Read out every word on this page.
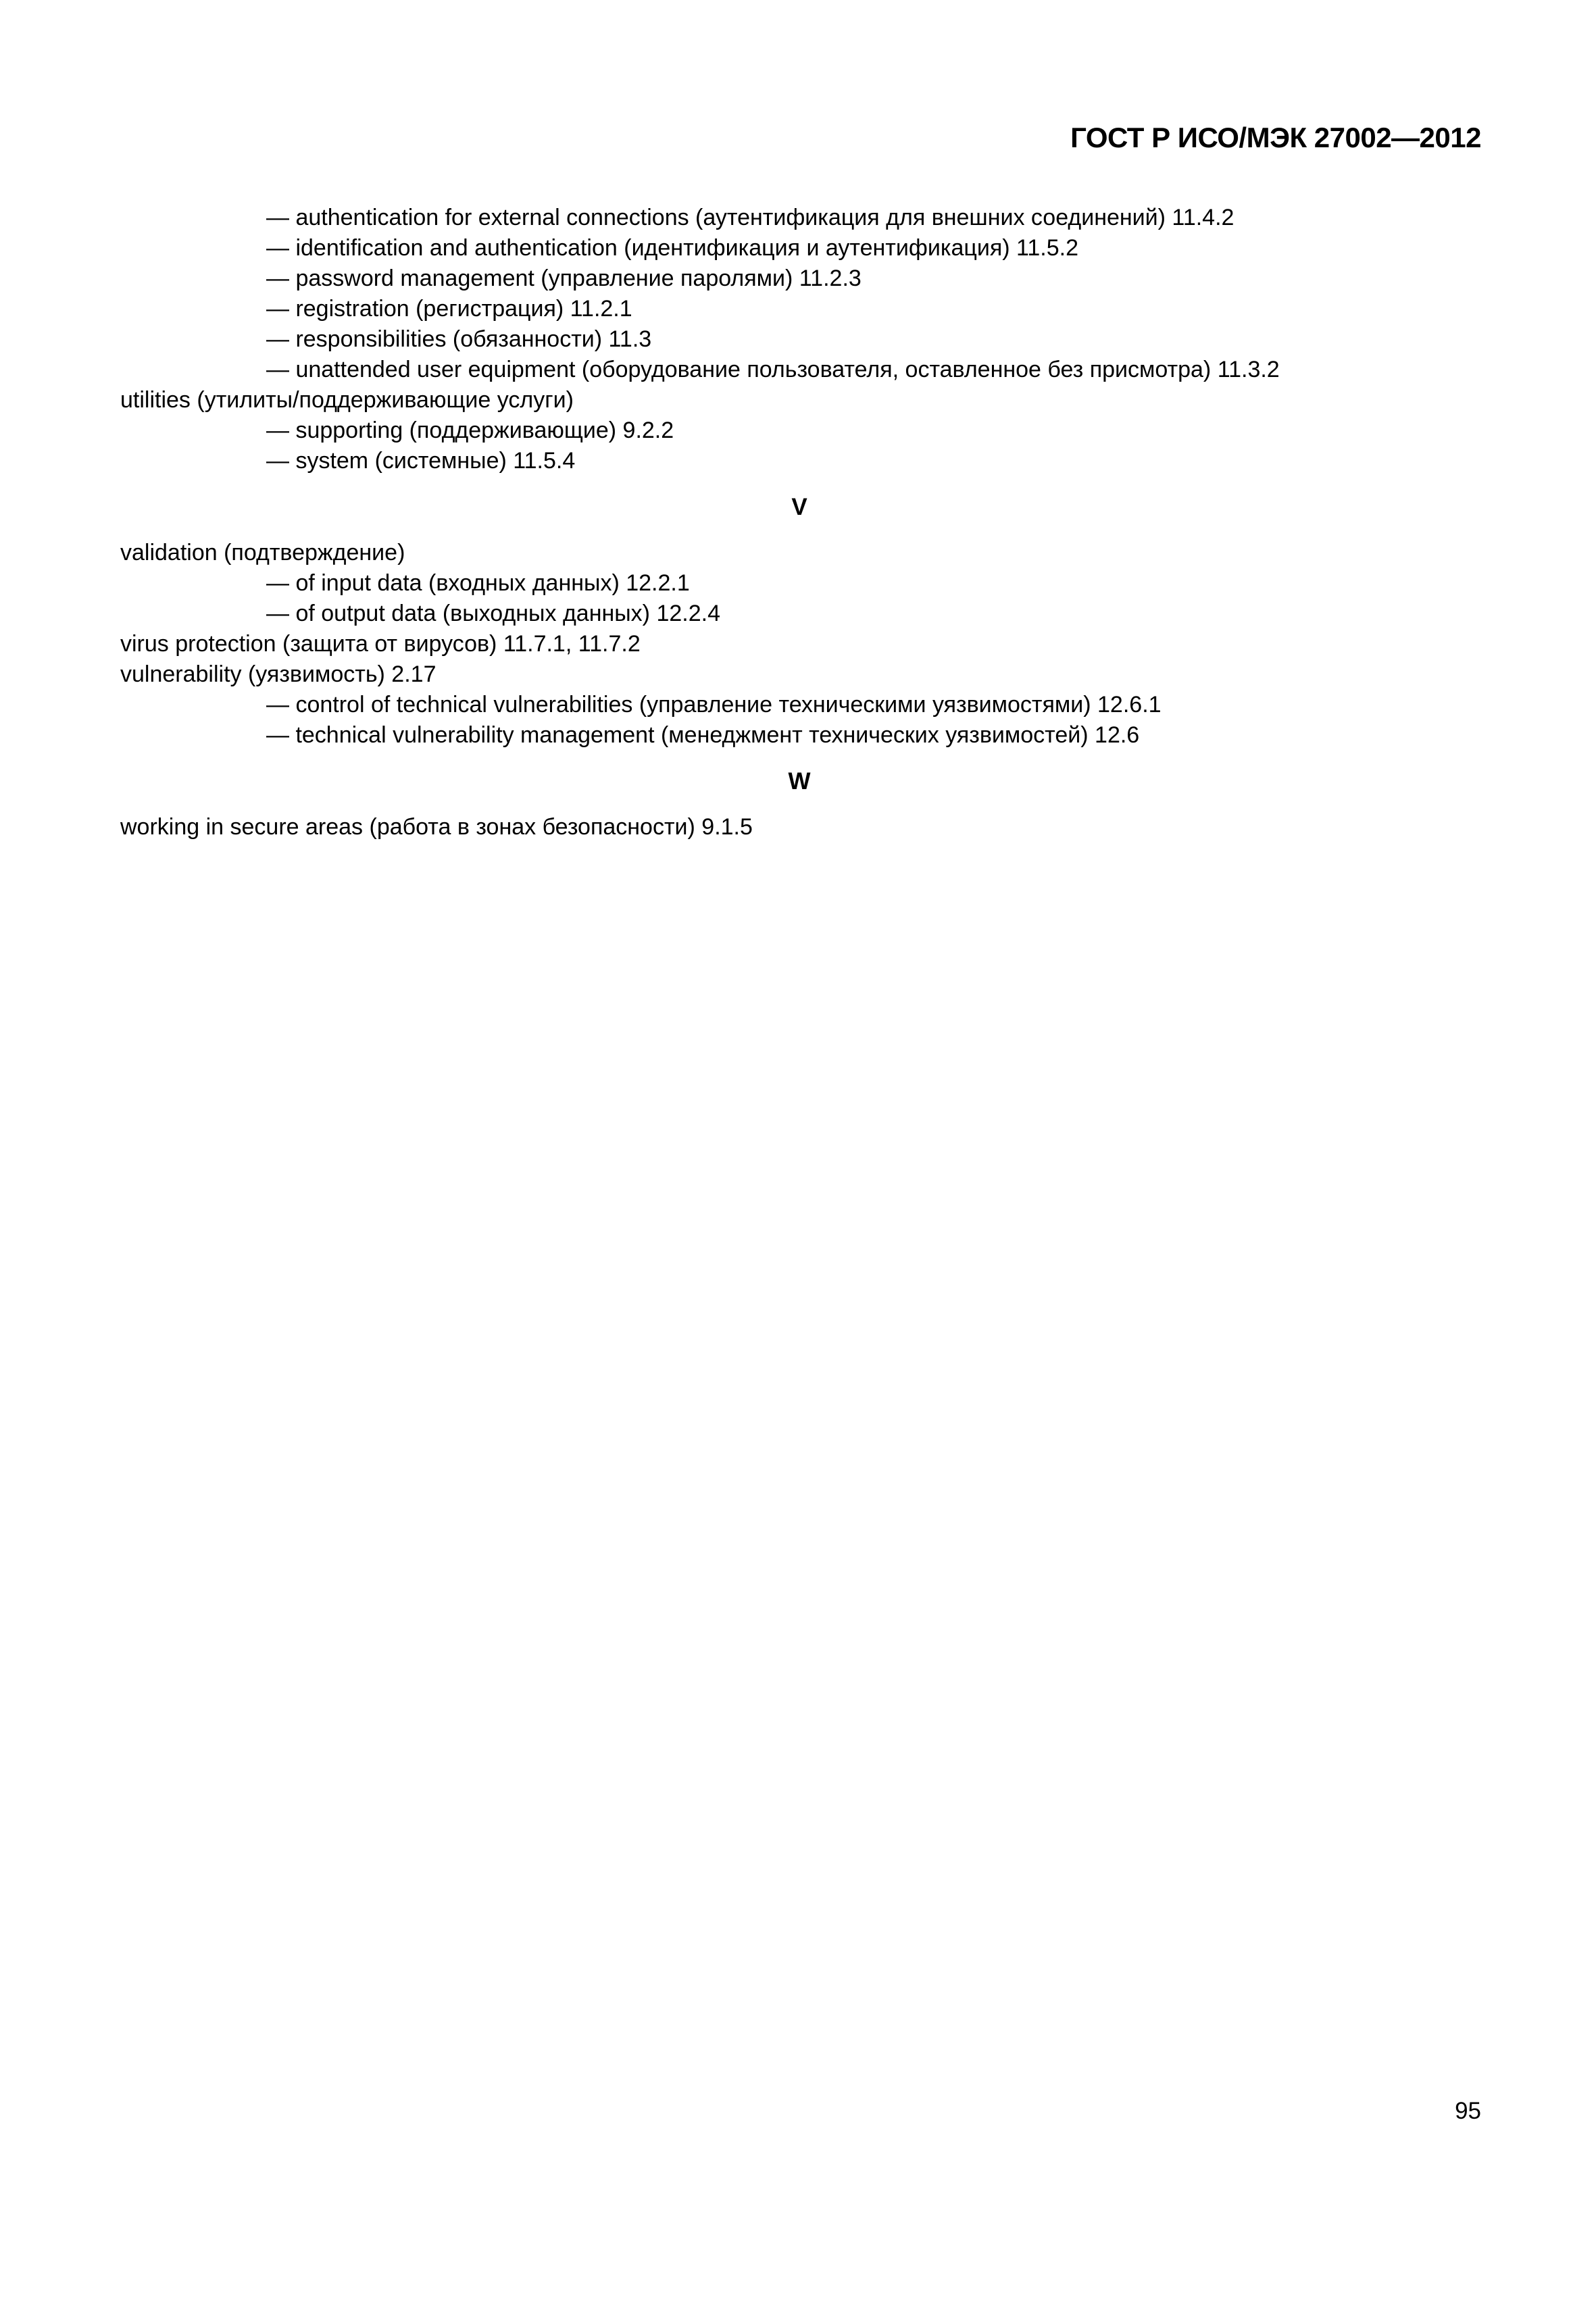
ГОСТ Р ИСО/МЭК 27002—2012
— authentication for external connections (аутентификация для внешних соединений) 11.4.2
— identification and authentication (идентификация и аутентификация) 11.5.2
— password management (управление паролями) 11.2.3
— registration (регистрация) 11.2.1
— responsibilities (обязанности) 11.3
— unattended user equipment (оборудование пользователя, оставленное без присмотра) 11.3.2
utilities (утилиты/поддерживающие услуги)
— supporting (поддерживающие) 9.2.2
— system (системные) 11.5.4
V
validation (подтверждение)
— of input data (входных данных) 12.2.1
— of output data (выходных данных) 12.2.4
virus protection (защита от вирусов) 11.7.1, 11.7.2
vulnerability (уязвимость) 2.17
— control of technical vulnerabilities (управление техническими уязвимостями) 12.6.1
— technical vulnerability management (менеджмент технических уязвимостей) 12.6
W
working in secure areas (работа в зонах безопасности) 9.1.5
95
